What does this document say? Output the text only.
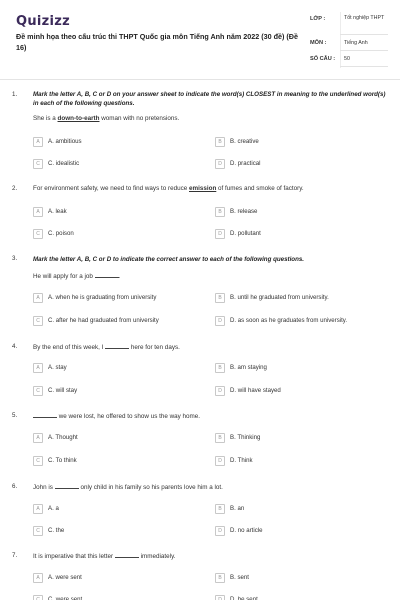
Quizizz
Đề minh họa theo cấu trúc thi THPT Quốc gia môn Tiếng Anh năm 2022 (30 đề) (Đề 16)
LỚP :	Tốt nghiệp THPT
MÔN :	Tiếng Anh
SỐ CÂU : 50
1.	Mark the letter A, B, C or D on your answer sheet to indicate the word(s) CLOSEST in meaning to the underlined word(s) in each of the following questions.
She is a down-to-earth woman with no pretensions.
A	A. ambitious	B	B. creative
C	C. idealistic	D	D. practical
2.	For environment safety, we need to find ways to reduce emission of fumes and smoke of factory.
A	A. leak	B	B. release
C	C. poison	D	D. pollutant
3.	Mark the letter A, B, C or D to indicate the correct answer to each of the following questions.
He will apply for a job	.
A	A. when he is graduating from university	B	B. until he graduated from university.
C	C. after he had graduated from university	D	D. as soon as he graduates from university.
4.	By the end of this week, I	here for ten days.
A	A. stay	B	B. am staying
C	C. will stay	D	D. will have stayed
5.	we were lost, he offered to show us the way home.
A	A. Thought	B	B. Thinking
C	C. To think	D	D. Think
6.	John is	only child in his family so his parents love him a lot.
A	A. a	B	B. an
C	C. the	D	D. no article
7.	It is imperative that this letter	immediately.
A	A. were sent	B	B. sent
C	C. were sent	D	D. be sent
